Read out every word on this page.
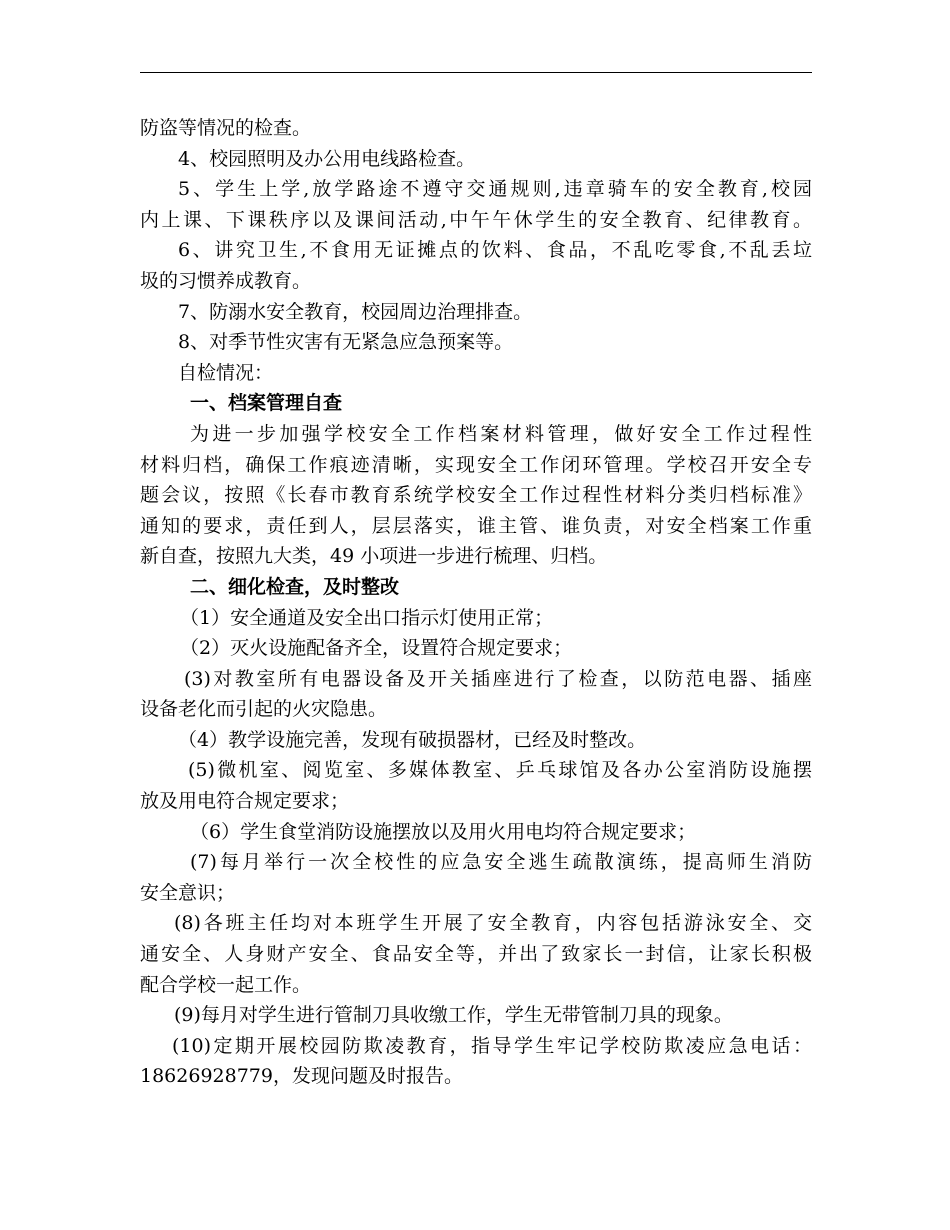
防盗等情况的检查。

4、校园照明及办公用电线路检查。

5、学生上学,放学路途不遵守交通规则,违章骑车的安全教育,校园

内上课、下课秩序以及课间活动,中午午休学生的安全教育、纪律教育。

6、讲究卫生,不食用无证摊点的饮料、食品，不乱吃零食,不乱丢垃

圾的习惯养成教育。

7、防溺水安全教育，校园周边治理排查。

8、对季节性灾害有无紧急应急预案等。

自检情况：

一、档案管理自查

为进一步加强学校安全工作档案材料管理，做好安全工作过程性

材料归档，确保工作痕迹清晰，实现安全工作闭环管理。学校召开安全专

题会议，按照《长春市教育系统学校安全工作过程性材料分类归档标准》

通知的要求，责任到人，层层落实，谁主管、谁负责，对安全档案工作重

新自查，按照九大类，49 小项进一步进行梳理、归档。

二、细化检查，及时整改

（1）安全通道及安全出口指示灯使用正常；

（2）灭火设施配备齐全，设置符合规定要求；

(3)对教室所有电器设备及开关插座进行了检查，以防范电器、插座

设备老化而引起的火灾隐患。

（4）教学设施完善，发现有破损器材，已经及时整改。

(5)微机室、阅览室、多媒体教室、乒乓球馆及各办公室消防设施摆

放及用电符合规定要求；

（6）学生食堂消防设施摆放以及用火用电均符合规定要求；

(7)每月举行一次全校性的应急安全逃生疏散演练，提高师生消防

安全意识；

(8)各班主任均对本班学生开展了安全教育，内容包括游泳安全、交

通安全、人身财产安全、食品安全等，并出了致家长一封信，让家长积极

配合学校一起工作。

(9)每月对学生进行管制刀具收缴工作，学生无带管制刀具的现象。

(10)定期开展校园防欺凌教育，指导学生牢记学校防欺凌应急电话：

18626928779，发现问题及时报告。
